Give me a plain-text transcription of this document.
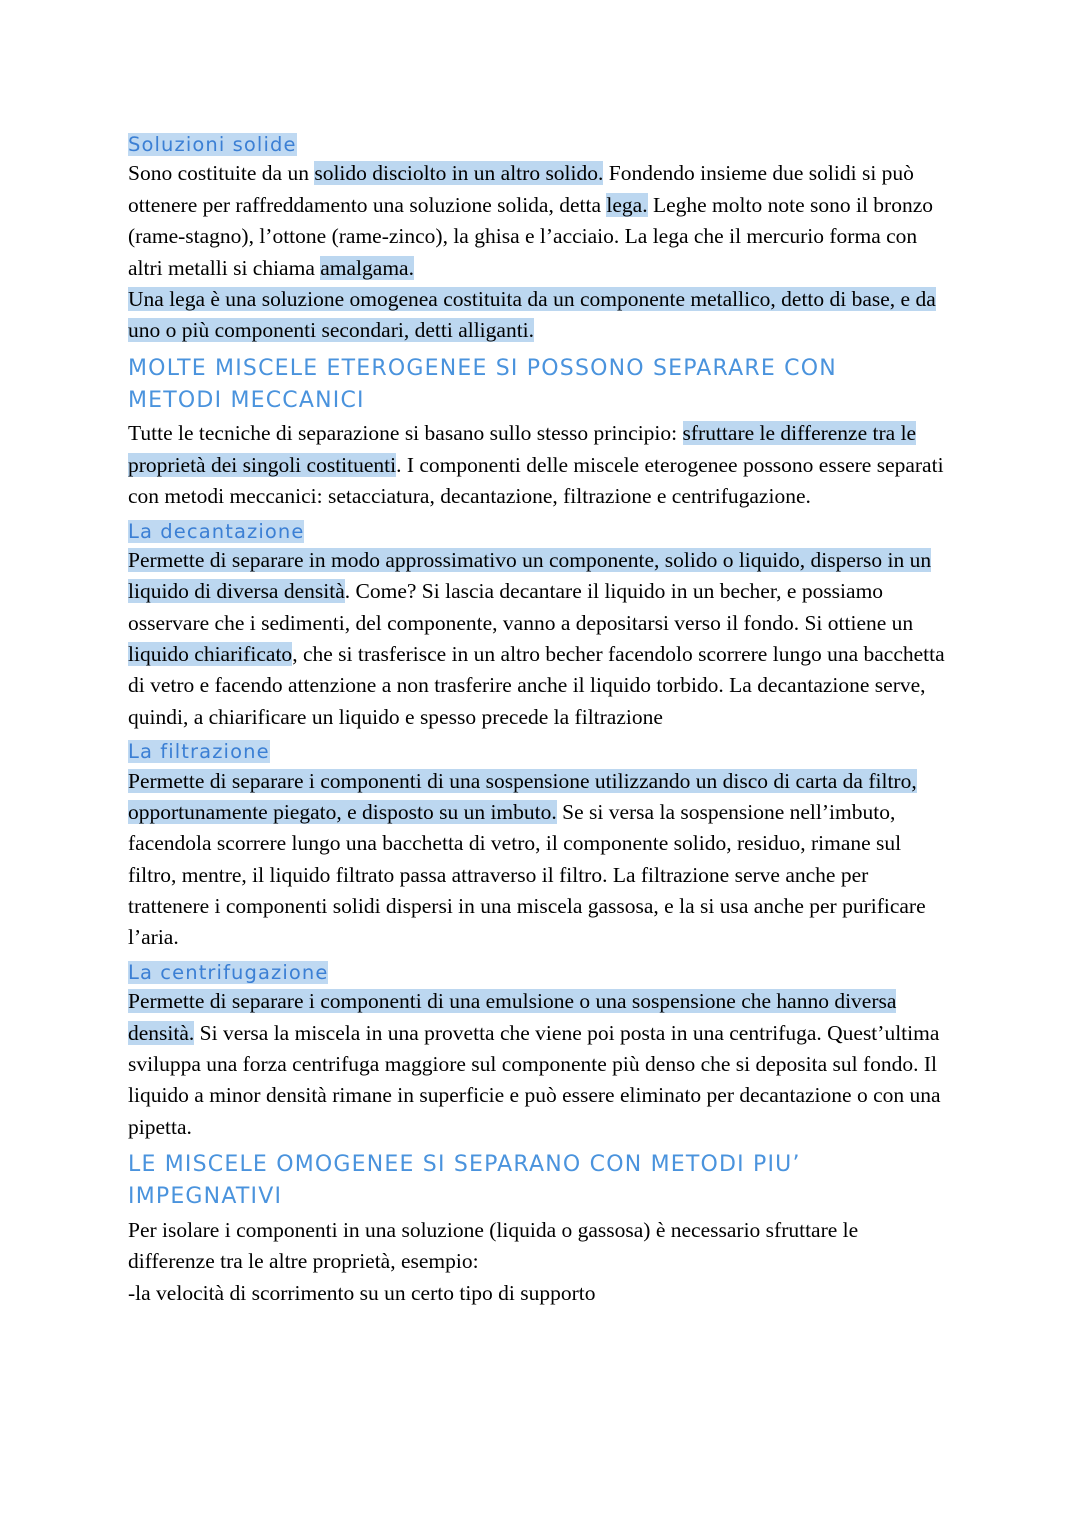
Soluzioni solide

Sono costituite da un solido disciolto in un altro solido. Fondendo insieme due solidi si può ottenere per raffreddamento una soluzione solida, detta lega. Leghe molto note sono il bronzo (rame-stagno), l’ottone (rame-zinco), la ghisa e l’acciaio. La lega che il mercurio forma con altri metalli si chiama amalgama.

Una lega è una soluzione omogenea costituita da un componente metallico, detto di base, e da uno o più componenti secondari, detti alliganti.

MOLTE MISCELE ETEROGENEE SI POSSONO SEPARARE CON
METODI MECCANICI

Tutte le tecniche di separazione si basano sullo stesso principio: sfruttare le differenze tra le proprietà dei singoli costituenti. I componenti delle miscele eterogenee possono essere separati con metodi meccanici: setacciatura, decantazione, filtrazione e centrifugazione.

La decantazione

Permette di separare in modo approssimativo un componente, solido o liquido, disperso in un liquido di diversa densità. Come? Si lascia decantare il liquido in un becher, e possiamo osservare che i sedimenti, del componente, vanno a depositarsi verso il fondo. Si ottiene un liquido chiarificato, che si trasferisce in un altro becher facendolo scorrere lungo una bacchetta di vetro e facendo attenzione a non trasferire anche il liquido torbido. La decantazione serve, quindi, a chiarificare un liquido e spesso precede la filtrazione

La filtrazione

Permette di separare i componenti di una sospensione utilizzando un disco di carta da filtro, opportunamente piegato, e disposto su un imbuto. Se si versa la sospensione nell’imbuto, facendola scorrere lungo una bacchetta di vetro, il componente solido, residuo, rimane sul filtro, mentre, il liquido filtrato passa attraverso il filtro. La filtrazione serve anche per trattenere i componenti solidi dispersi in una miscela gassosa, e la si usa anche per purificare l’aria.

La centrifugazione

Permette di separare i componenti di una emulsione o una sospensione che hanno diversa densità. Si versa la miscela in una provetta che viene poi posta in una centrifuga. Quest’ultima sviluppa una forza centrifuga maggiore sul componente più denso che si deposita sul fondo. Il liquido a minor densità rimane in superficie e può essere eliminato per decantazione o con una pipetta.

LE MISCELE OMOGENEE SI SEPARANO CON METODI PIU’
IMPEGNATIVI

Per isolare i componenti in una soluzione (liquida o gassosa) è necessario sfruttare le differenze tra le altre proprietà, esempio:

-la velocità di scorrimento su un certo tipo di supporto
